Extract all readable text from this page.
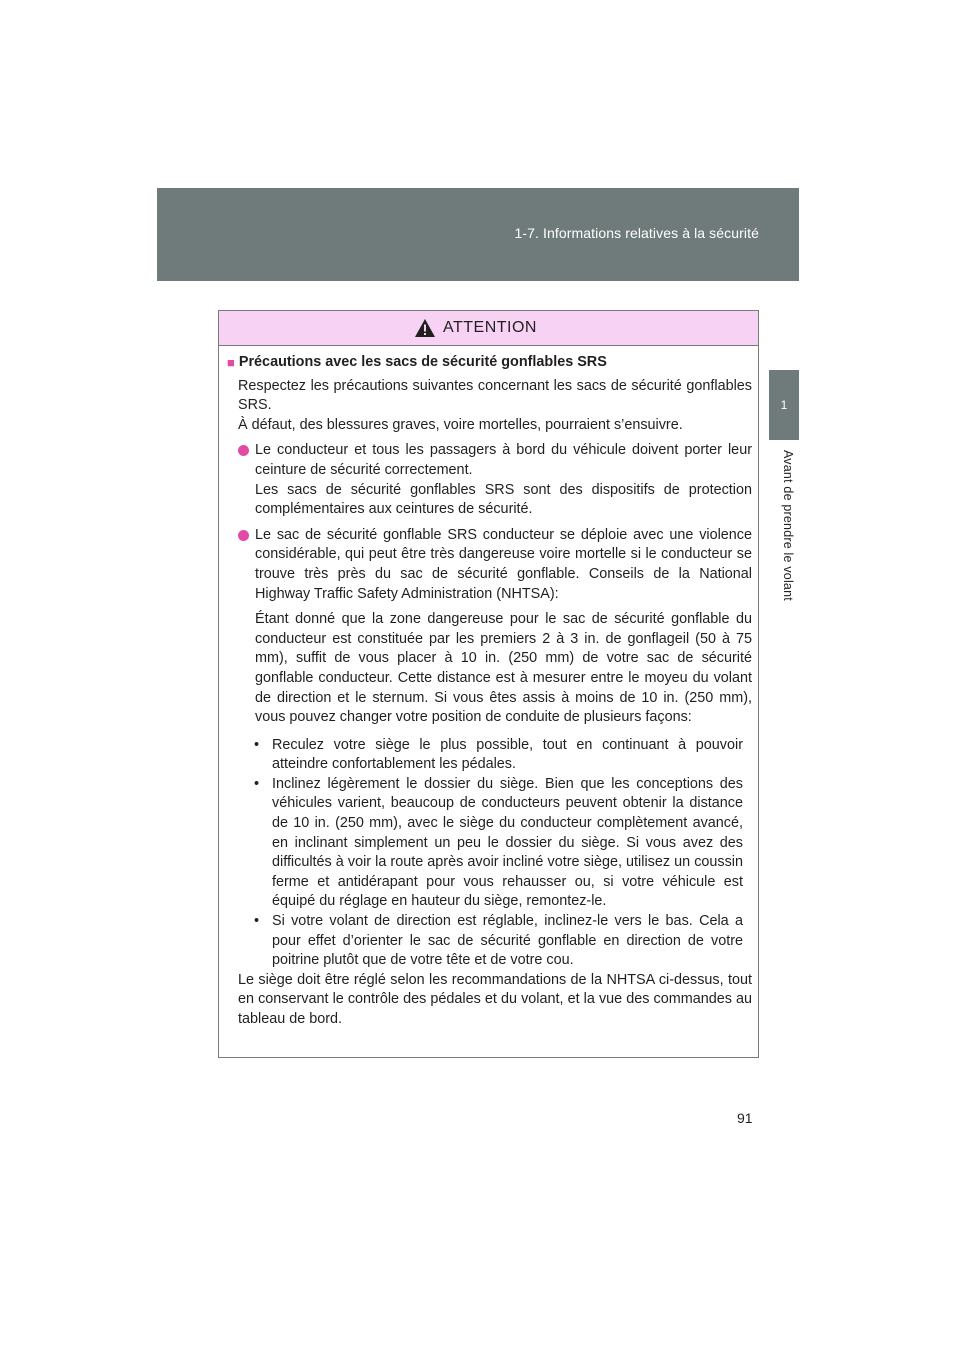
1-7. Informations relatives à la sécurité
1
Avant de prendre le volant
ATTENTION
■ Précautions avec les sacs de sécurité gonflables SRS
Respectez les précautions suivantes concernant les sacs de sécurité gonflables SRS.
À défaut, des blessures graves, voire mortelles, pourraient s’ensuivre.
Le conducteur et tous les passagers à bord du véhicule doivent porter leur ceinture de sécurité correctement.
Les sacs de sécurité gonflables SRS sont des dispositifs de protection complémentaires aux ceintures de sécurité.
Le sac de sécurité gonflable SRS conducteur se déploie avec une violence considérable, qui peut être très dangereuse voire mortelle si le conducteur se trouve très près du sac de sécurité gonflable. Conseils de la National Highway Traffic Safety Administration (NHTSA):
Étant donné que la zone dangereuse pour le sac de sécurité gonflable du conducteur est constituée par les premiers 2 à 3 in. de gonflageil (50 à 75 mm), suffit de vous placer à 10 in. (250 mm) de votre sac de sécurité gonflable conducteur. Cette distance est à mesurer entre le moyeu du volant de direction et le sternum. Si vous êtes assis à moins de 10 in. (250 mm), vous pouvez changer votre position de conduite de plusieurs façons:
• Reculez votre siège le plus possible, tout en continuant à pouvoir atteindre confortablement les pédales.
• Inclinez légèrement le dossier du siège. Bien que les conceptions des véhicules varient, beaucoup de conducteurs peuvent obtenir la distance de 10 in. (250 mm), avec le siège du conducteur complètement avancé, en inclinant simplement un peu le dossier du siège. Si vous avez des difficultés à voir la route après avoir incliné votre siège, utilisez un coussin ferme et antidérapant pour vous rehausser ou, si votre véhicule est équipé du réglage en hauteur du siège, remontez-le.
• Si votre volant de direction est réglable, inclinez-le vers le bas. Cela a pour effet d’orienter le sac de sécurité gonflable en direction de votre poitrine plutôt que de votre tête et de votre cou.
Le siège doit être réglé selon les recommandations de la NHTSA ci-dessus, tout en conservant le contrôle des pédales et du volant, et la vue des commandes au tableau de bord.
91
